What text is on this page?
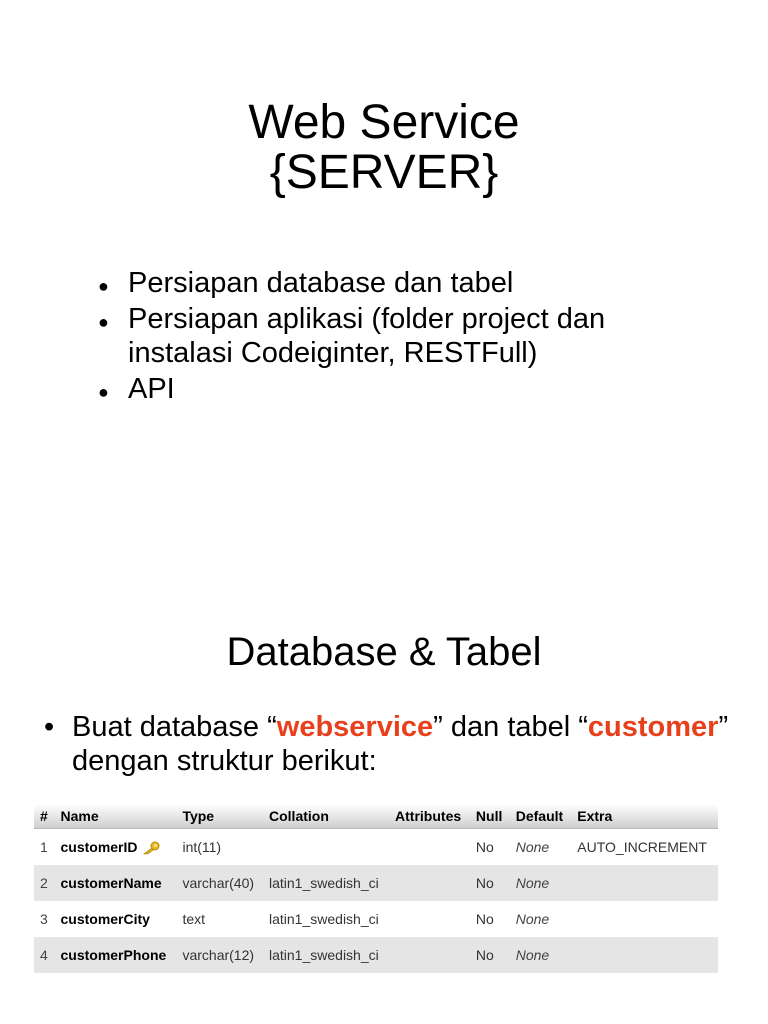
Web Service
{SERVER}
● Persiapan database dan tabel
● Persiapan aplikasi (folder project dan instalasi Codeiginter, RESTFull)
● API
Database & Tabel
• Buat database “webservice” dan tabel “customer” dengan struktur berikut:
#	Name	Type	Collation	Attributes	Null	Default	Extra
1	customerID	int(11)			No	None	AUTO_INCREMENT
2	customerName	varchar(40)	latin1_swedish_ci		No	None	
3	customerCity	text	latin1_swedish_ci		No	None	
4	customerPhone	varchar(12)	latin1_swedish_ci		No	None	
